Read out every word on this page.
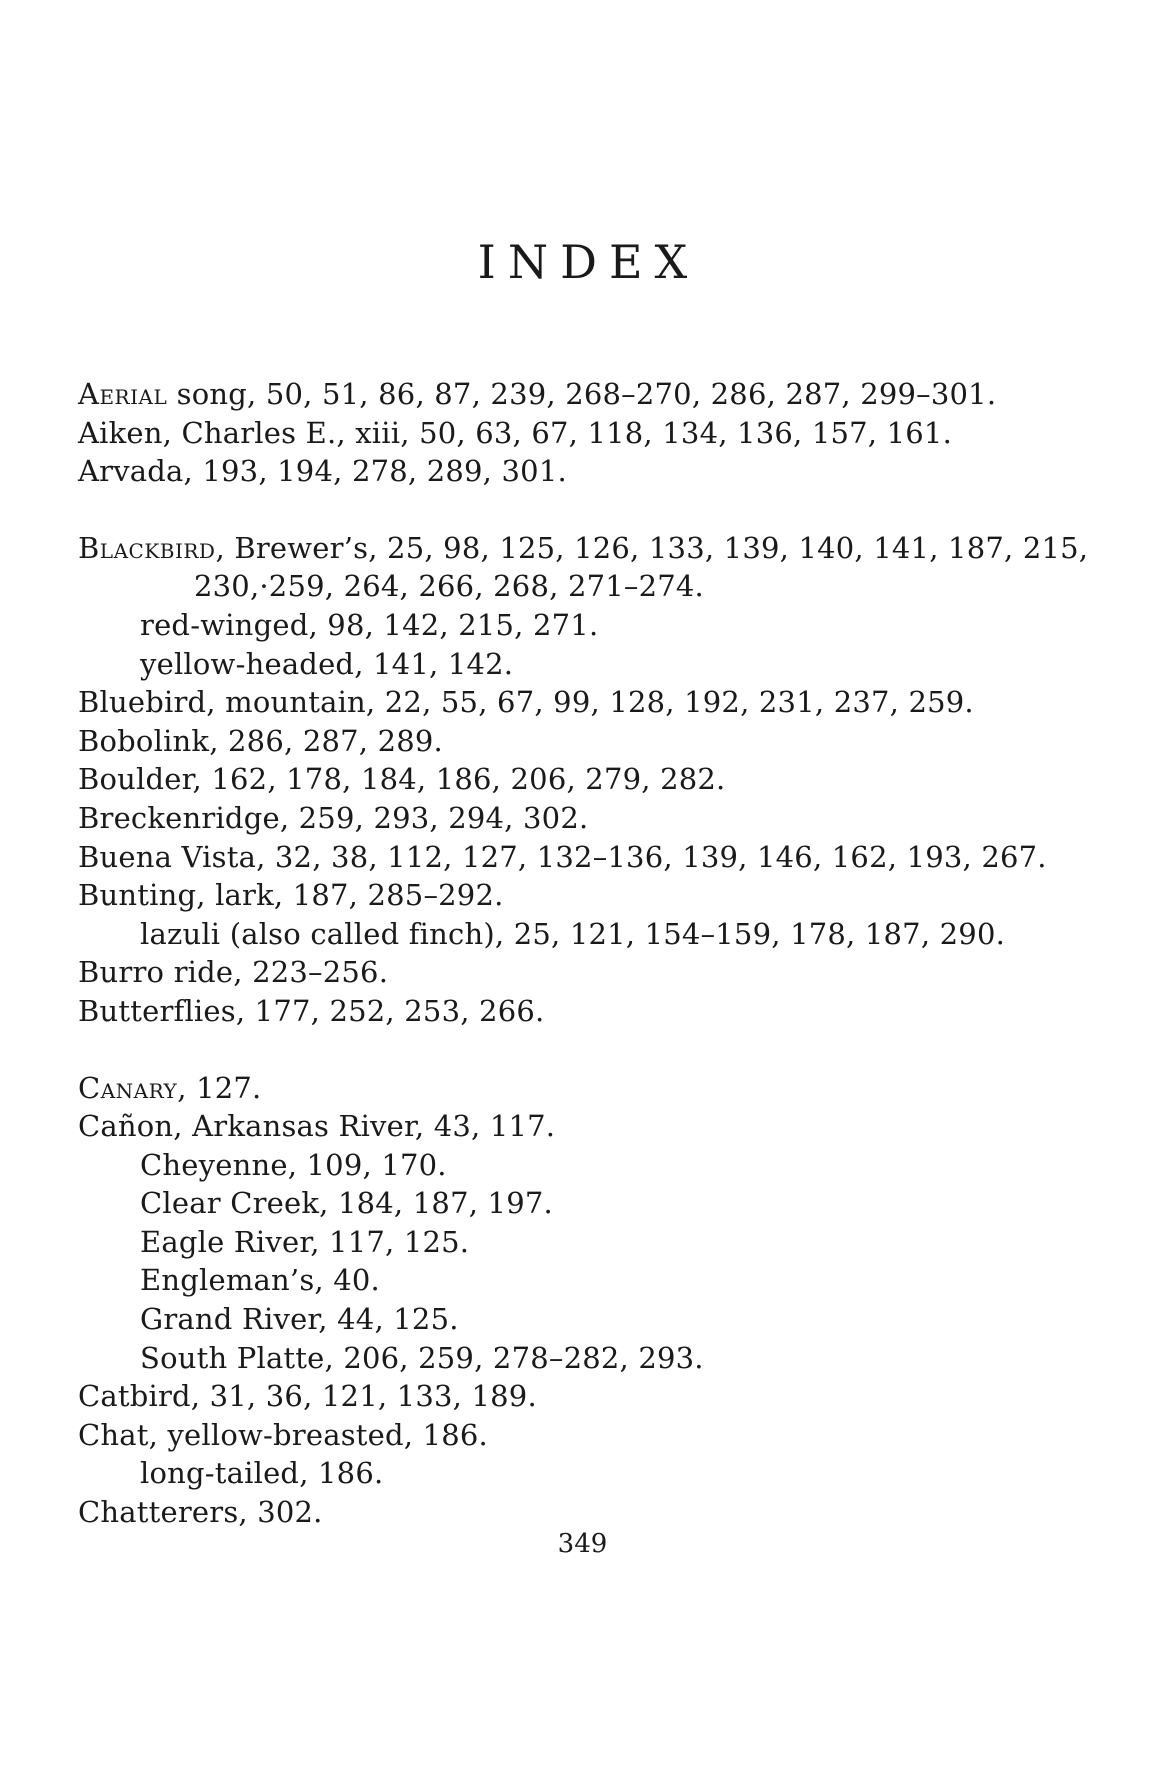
INDEX
Aerial song, 50, 51, 86, 87, 239, 268–270, 286, 287, 299–301.
Aiken, Charles E., xiii, 50, 63, 67, 118, 134, 136, 157, 161.
Arvada, 193, 194, 278, 289, 301.
Blackbird, Brewer’s, 25, 98, 125, 126, 133, 139, 140, 141, 187, 215,
230,·259, 264, 266, 268, 271–274.
red-winged, 98, 142, 215, 271.
yellow-headed, 141, 142.
Bluebird, mountain, 22, 55, 67, 99, 128, 192, 231, 237, 259.
Bobolink, 286, 287, 289.
Boulder, 162, 178, 184, 186, 206, 279, 282.
Breckenridge, 259, 293, 294, 302.
Buena Vista, 32, 38, 112, 127, 132–136, 139, 146, 162, 193, 267.
Bunting, lark, 187, 285–292.
lazuli (also called finch), 25, 121, 154–159, 178, 187, 290.
Burro ride, 223–256.
Butterflies, 177, 252, 253, 266.
Canary, 127.
Cañon, Arkansas River, 43, 117.
Cheyenne, 109, 170.
Clear Creek, 184, 187, 197.
Eagle River, 117, 125.
Engleman’s, 40.
Grand River, 44, 125.
South Platte, 206, 259, 278–282, 293.
Catbird, 31, 36, 121, 133, 189.
Chat, yellow-breasted, 186.
long-tailed, 186.
Chatterers, 302.
349
